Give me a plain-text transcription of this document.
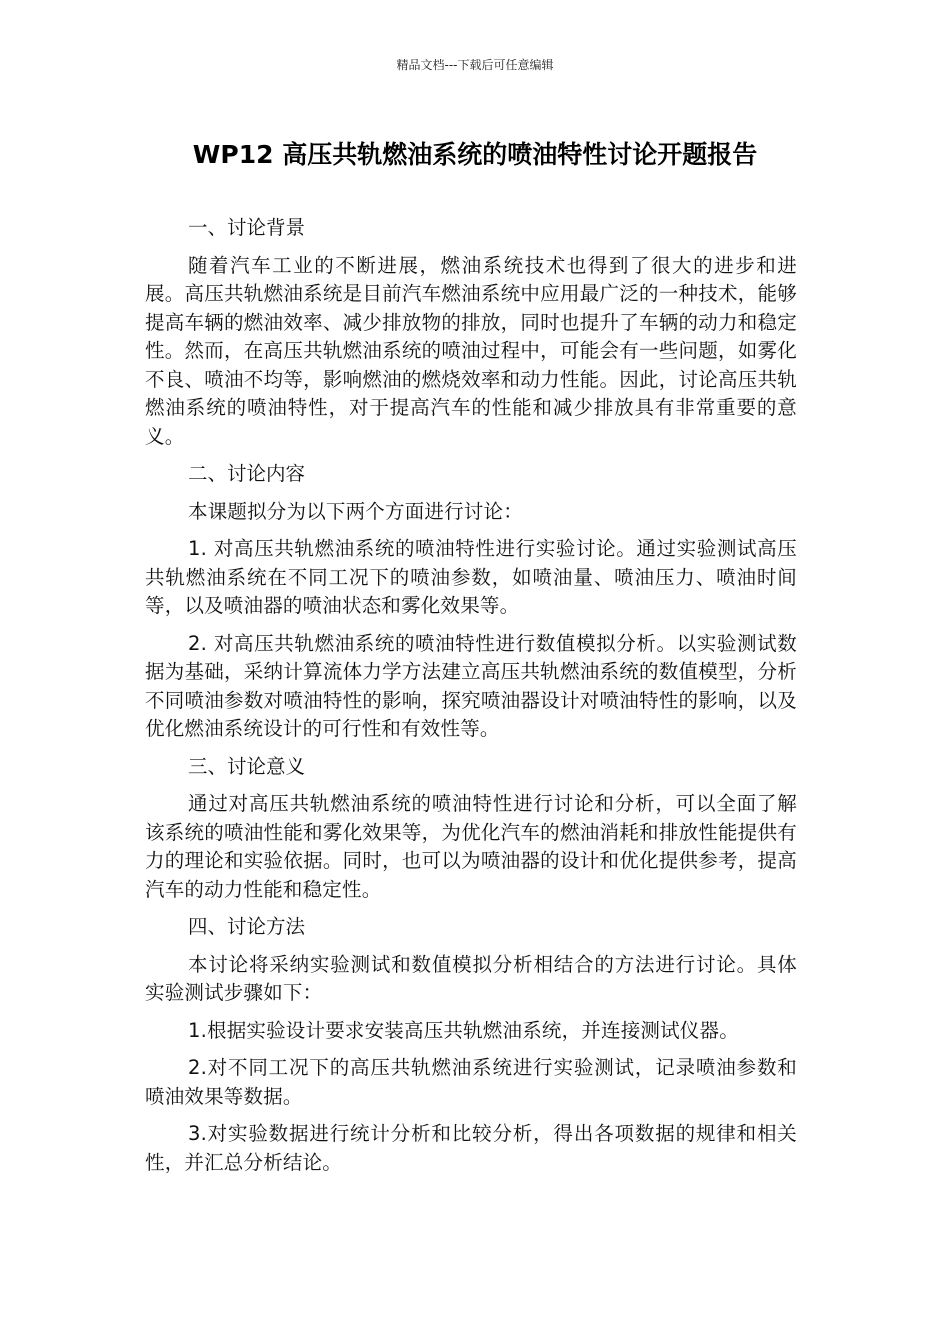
精品文档---下载后可任意编辑
WP12 高压共轨燃油系统的喷油特性讨论开题报告
一、讨论背景

随着汽车工业的不断进展，燃油系统技术也得到了很大的进步和进展。高压共轨燃油系统是目前汽车燃油系统中应用最广泛的一种技术，能够提高车辆的燃油效率、减少排放物的排放，同时也提升了车辆的动力和稳定性。然而，在高压共轨燃油系统的喷油过程中，可能会有一些问题，如雾化不良、喷油不均等，影响燃油的燃烧效率和动力性能。因此，讨论高压共轨燃油系统的喷油特性，对于提高汽车的性能和减少排放具有非常重要的意义。

二、讨论内容

本课题拟分为以下两个方面进行讨论：

1. 对高压共轨燃油系统的喷油特性进行实验讨论。通过实验测试高压共轨燃油系统在不同工况下的喷油参数，如喷油量、喷油压力、喷油时间等，以及喷油器的喷油状态和雾化效果等。

2. 对高压共轨燃油系统的喷油特性进行数值模拟分析。以实验测试数据为基础，采纳计算流体力学方法建立高压共轨燃油系统的数值模型，分析不同喷油参数对喷油特性的影响，探究喷油器设计对喷油特性的影响，以及优化燃油系统设计的可行性和有效性等。

三、讨论意义

通过对高压共轨燃油系统的喷油特性进行讨论和分析，可以全面了解该系统的喷油性能和雾化效果等，为优化汽车的燃油消耗和排放性能提供有力的理论和实验依据。同时，也可以为喷油器的设计和优化提供参考，提高汽车的动力性能和稳定性。

四、讨论方法

本讨论将采纳实验测试和数值模拟分析相结合的方法进行讨论。具体实验测试步骤如下：

1.根据实验设计要求安装高压共轨燃油系统，并连接测试仪器。

2.对不同工况下的高压共轨燃油系统进行实验测试，记录喷油参数和喷油效果等数据。

3.对实验数据进行统计分析和比较分析，得出各项数据的规律和相关性，并汇总分析结论。
